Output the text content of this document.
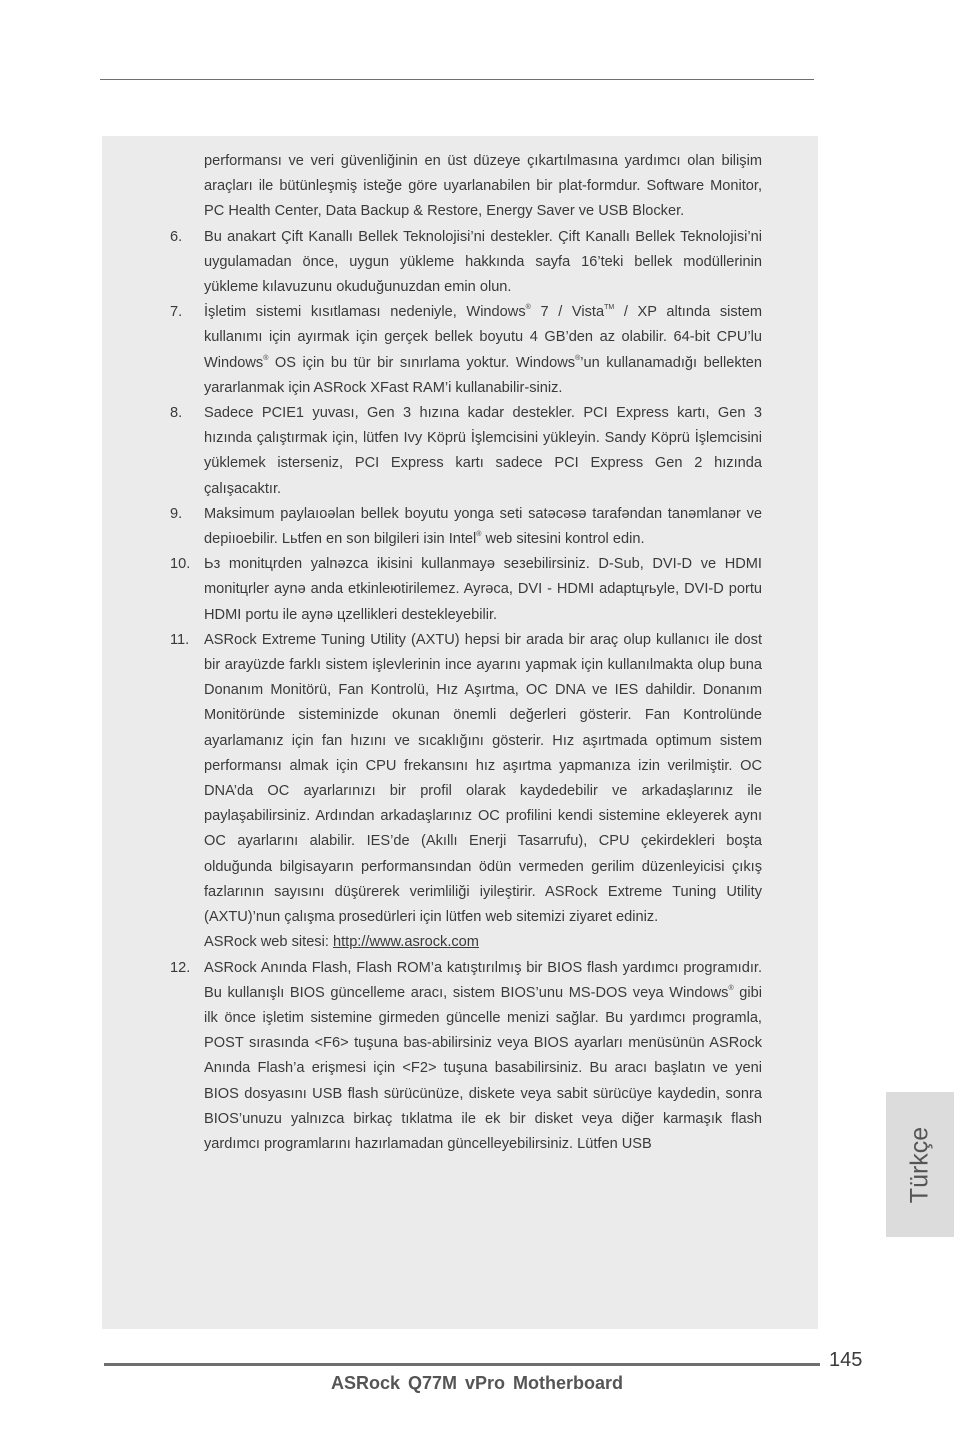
performansı ve veri güvenliğinin en üst düzeye çıkartılmasına yardımcı olan bilişim araçları ile bütünleşmiş isteğe göre uyarlanabilen bir plat-formdur. Software Monitor, PC Health Center, Data Backup & Restore, Energy Saver ve USB Blocker.

6. Bu anakart Çift Kanallı Bellek Teknolojisi’ni destekler. Çift Kanallı Bellek Teknolojisi’ni uygulamadan önce, uygun yükleme hakkında sayfa 16’teki bellek modüllerinin yükleme kılavuzunu okuduğunuzdan emin olun.

7. İşletim sistemi kısıtlaması nedeniyle, Windows® 7 / Vista™ / XP altında sistem kullanımı için ayırmak için gerçek bellek boyutu 4 GB’den az olabilir. 64-bit CPU’lu Windows® OS için bu tür bir sınırlama yoktur. Windows®’un kullanamadığı bellekten yararlanmak için ASRock XFast RAM’i kullanabilir-siniz.

8. Sadece PCIE1 yuvası, Gen 3 hızına kadar destekler. PCI Express kartı, Gen 3 hızında çalıştırmak için, lütfen Ivy Köprü İşlemcisini yükleyin. Sandy Köprü İşlemcisini yüklemek isterseniz, PCI Express kartı sadece PCI Express Gen 2 hızında çalışacaktır.

9. Maksimum paylaıoəlan bellek boyutu yonga seti satəcəsə tarafəndan tanəmlanər ve depiıoebilir. Lьtfen en son bilgileri iзin Intel® web sitesini kontrol edin.

10. Ьз monitцrden yalnəzca ikisini kullanmayə seзebilirsiniz. D-Sub, DVI-D ve HDMI monitцrler aynə anda etkinleюtirilemez. Ayrəca, DVI - HDMI adaptцrьyle, DVI-D portu HDMI portu ile aynə цzellikleri destekleyebilir.

11. ASRock Extreme Tuning Utility (AXTU) hepsi bir arada bir araç olup kullanıcı ile dost bir arayüzde farklı sistem işlevlerinin ince ayarını yapmak için kullanılmakta olup buna Donanım Monitörü, Fan Kontrolü, Hız Aşırtma, OC DNA ve IES dahildir. Donanım Monitöründe sisteminizde okunan önemli değerleri gösterir. Fan Kontrolünde ayarlamanız için fan hızını ve sıcaklığını gösterir. Hız aşırtmada optimum sistem performansı almak için CPU frekansını hız aşırtma yapmanıza izin verilmiştir. OC DNA’da OC ayarlarınızı bir profil olarak kaydedebilir ve arkadaşlarınız ile paylaşabilirsiniz. Ardından arkadaşlarınız OC profilini kendi sistemine ekleyerek aynı OC ayarlarını alabilir. IES’de (Akıllı Enerji Tasarrufu), CPU çekirdekleri boşta olduğunda bilgisayarın performansından ödün vermeden gerilim düzenleyicisi çıkış fazlarının sayısını düşürerek verimliliği iyileştirir. ASRock Extreme Tuning Utility (AXTU)’nun çalışma prosedürleri için lütfen web sitemizi ziyaret ediniz.
ASRock web sitesi: http://www.asrock.com

12. ASRock Anında Flash, Flash ROM’a katıştırılmış bir BIOS flash yardımcı programıdır. Bu kullanışlı BIOS güncelleme aracı, sistem BIOS’unu MS-DOS veya Windows® gibi ilk önce işletim sistemine girmeden güncelle menizi sağlar. Bu yardımcı programla, POST sırasında <F6> tuşuna bas-abilirsiniz veya BIOS ayarları menüsünün ASRock Anında Flash’a erişmesi için <F2> tuşuna basabilirsiniz. Bu aracı başlatın ve yeni BIOS dosyasını USB flash sürücünüze, diskete veya sabit sürücüye kaydedin, sonra BIOS’unuzu yalnızca birkaç tıklatma ile ek bir disket veya diğer karmaşık flash yardımcı programlarını hazırlamadan güncelleyebilirsiniz. Lütfen USB	Türkçe
145
ASRock Q77M vPro Motherboard
